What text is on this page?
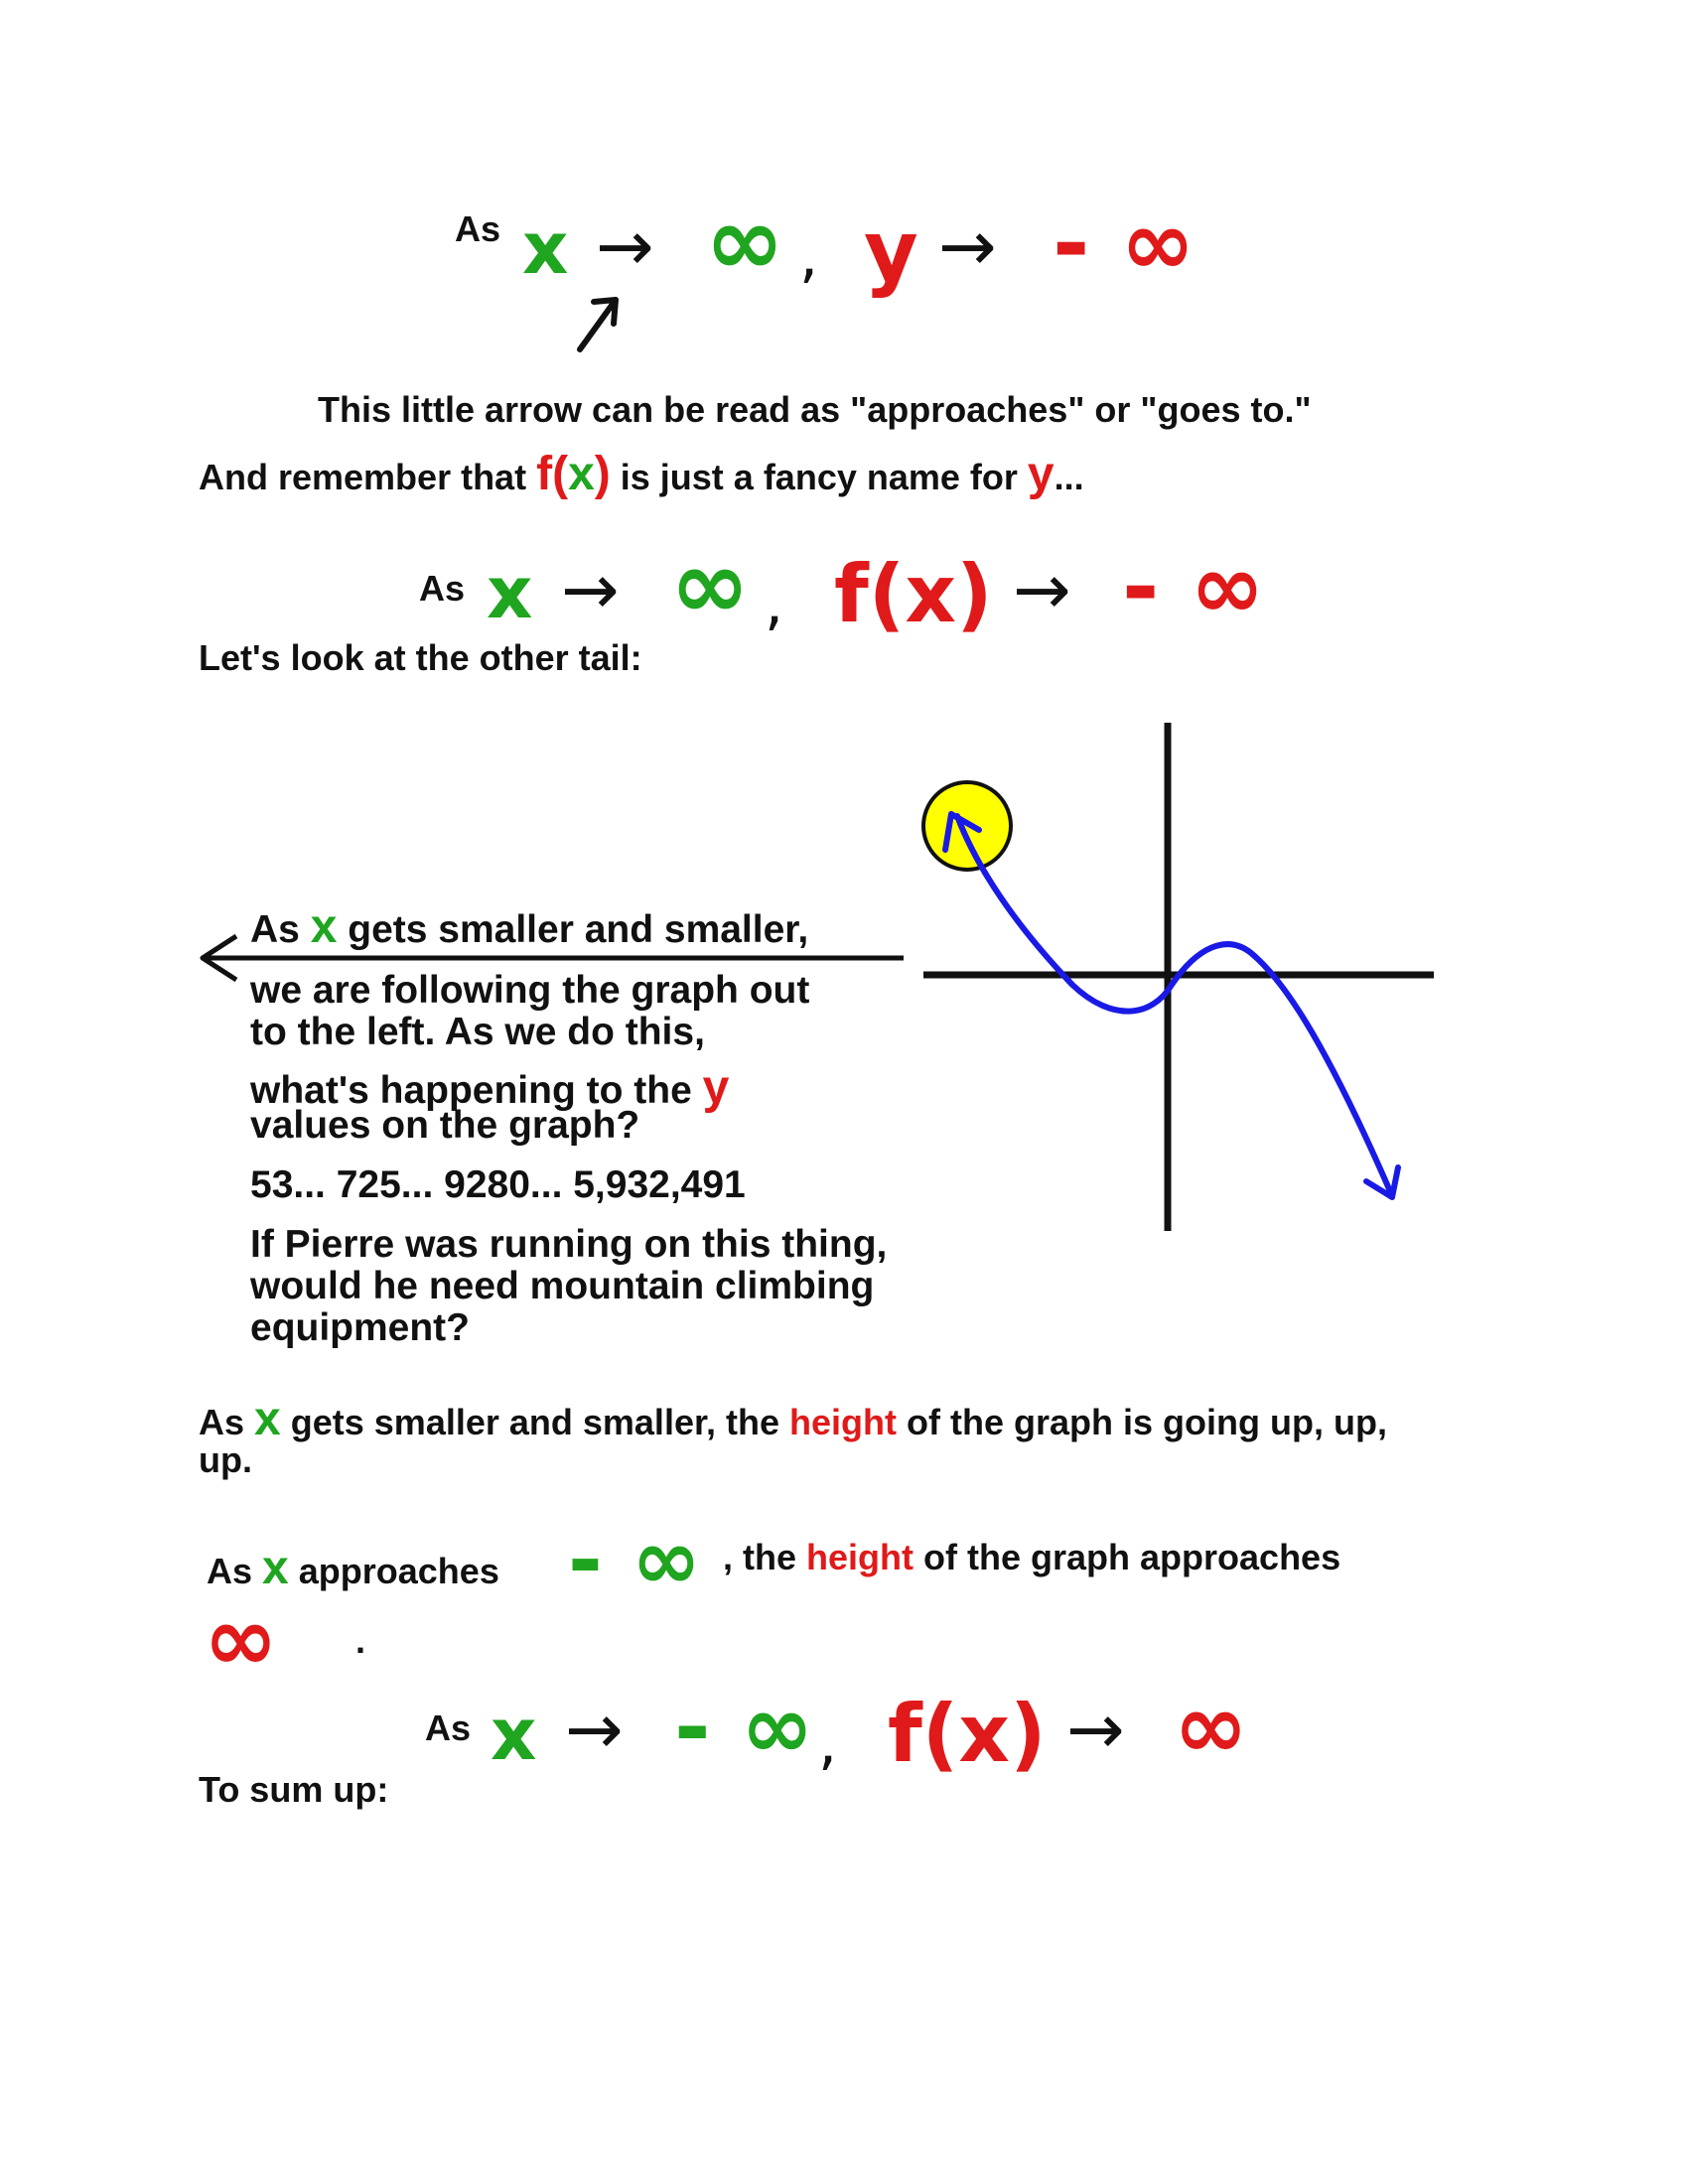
As x → ∞ , y → - ∞
This little arrow can be read as "approaches" or "goes to."
And remember that f(x) is just a fancy name for y...
As x → ∞ , f(x) → - ∞
Let's look at the other tail:
As x gets smaller and smaller,
we are following the graph out
to the left. As we do this,
what's happening to the y
values on the graph?
53... 725... 9280... 5,932,491
If Pierre was running on this thing,
would he need mountain climbing
equipment?
As x gets smaller and smaller, the height of the graph is going up, up,
up.
As x approaches - ∞ , the height of the graph approaches
∞ .
As x → - ∞ , f(x) → ∞
To sum up:
